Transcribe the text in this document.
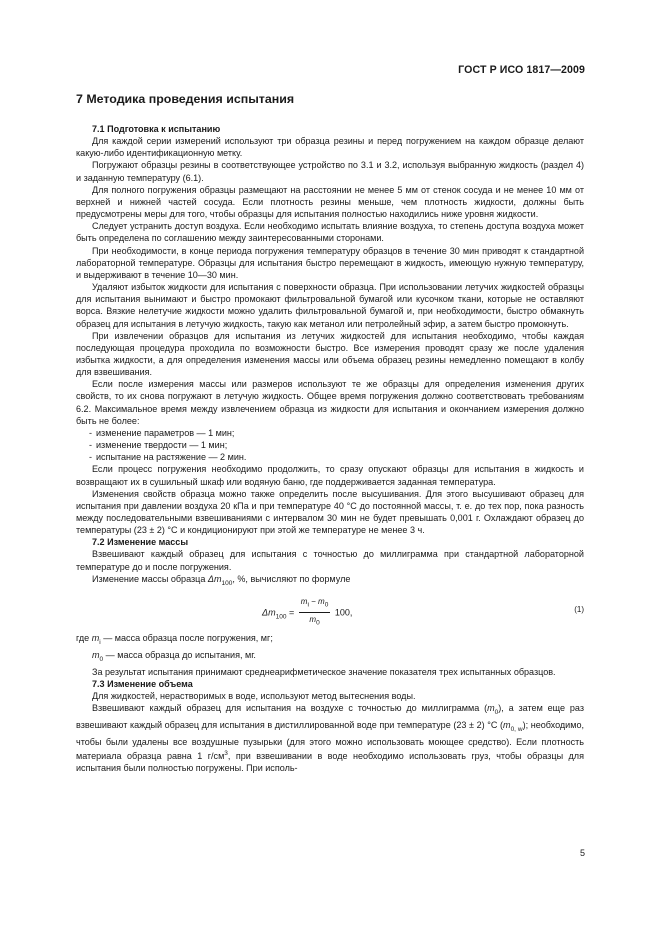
ГОСТ Р ИСО 1817—2009
7 Методика проведения испытания
7.1 Подготовка к испытанию

Для каждой серии измерений используют три образца резины и перед погружением на каждом образце делают какую-либо идентификационную метку.

Погружают образцы резины в соответствующее устройство по 3.1 и 3.2, используя выбранную жидкость (раздел 4) и заданную температуру (6.1).

Для полного погружения образцы размещают на расстоянии не менее 5 мм от стенок сосуда и не менее 10 мм от верхней и нижней частей сосуда. Если плотность резины меньше, чем плотность жидкости, должны быть предусмотрены меры для того, чтобы образцы для испытания полностью находились ниже уровня жидкости.

Следует устранить доступ воздуха. Если необходимо испытать влияние воздуха, то степень доступа воздуха может быть определена по соглашению между заинтересованными сторонами.

При необходимости, в конце периода погружения температуру образцов в течение 30 мин приводят к стандартной лабораторной температуре. Образцы для испытания быстро перемещают в жидкость, имеющую нужную температуру, и выдерживают в течение 10—30 мин.

Удаляют избыток жидкости для испытания с поверхности образца. При использовании летучих жидкостей образцы для испытания вынимают и быстро промокают фильтровальной бумагой или кусочком ткани, которые не оставляют ворса. Вязкие нелетучие жидкости можно удалить фильтровальной бумагой и, при необходимости, быстро обмакнуть образец для испытания в летучую жидкость, такую как метанол или петролейный эфир, а затем быстро промокнуть.

При извлечении образцов для испытания из летучих жидкостей для испытания необходимо, чтобы каждая последующая процедура проходила по возможности быстро. Все измерения проводят сразу же после удаления избытка жидкости, а для определения изменения массы или объема образец резины немедленно помещают в колбу для взвешивания.

Если после измерения массы или размеров используют те же образцы для определения изменения других свойств, то их снова погружают в летучую жидкость. Общее время погружения должно соответствовать требованиям 6.2. Максимальное время между извлечением образца из жидкости для испытания и окончанием измерения должно быть не более:

- изменение параметров — 1 мин;
- изменение твердости — 1 мин;
- испытание на растяжение — 2 мин.

Если процесс погружения необходимо продолжить, то сразу опускают образцы для испытания в жидкость и возвращают их в сушильный шкаф или водяную баню, где поддерживается заданная температура.

Изменения свойств образца можно также определить после высушивания. Для этого высушивают образец для испытания при давлении воздуха 20 кПа и при температуре 40 °С до постоянной массы, т. е. до тех пор, пока разность между последовательными взвешиваниями с интервалом 30 мин не будет превышать 0,001 г. Охлаждают образец до температуры (23 ± 2) °С и кондиционируют при этой же температуре не менее 3 ч.

7.2 Изменение массы

Взвешивают каждый образец для испытания с точностью до миллиграмма при стандартной лабораторной температуре до и после погружения.

Изменение массы образца $\Delta m_{100}$, %, вычисляют по формуле

$\Delta m_{100} = \frac{m_i - m_0}{m_0} 100$,	(1)

где $m_i$ — масса образца после погружения, мг;

$m_0$ — масса образца до испытания, мг.

За результат испытания принимают среднеарифметическое значение показателя трех испытанных образцов.

7.3 Изменение объема

Для жидкостей, нерастворимых в воде, используют метод вытеснения воды.

Взвешивают каждый образец для испытания на воздухе с точностью до миллиграмма $(m_0)$, а затем еще раз взвешивают каждый образец для испытания в дистиллированной воде при температуре (23 ± 2) °С $(m_{0, w})$; необходимо, чтобы были удалены все воздушные пузырьки (для этого можно использовать моющее средство). Если плотность материала образца равна 1 $г/см^3$, при взвешивании в воде необходимо использовать груз, чтобы образцы для испытания были полностью погружены. При исполь-

5
